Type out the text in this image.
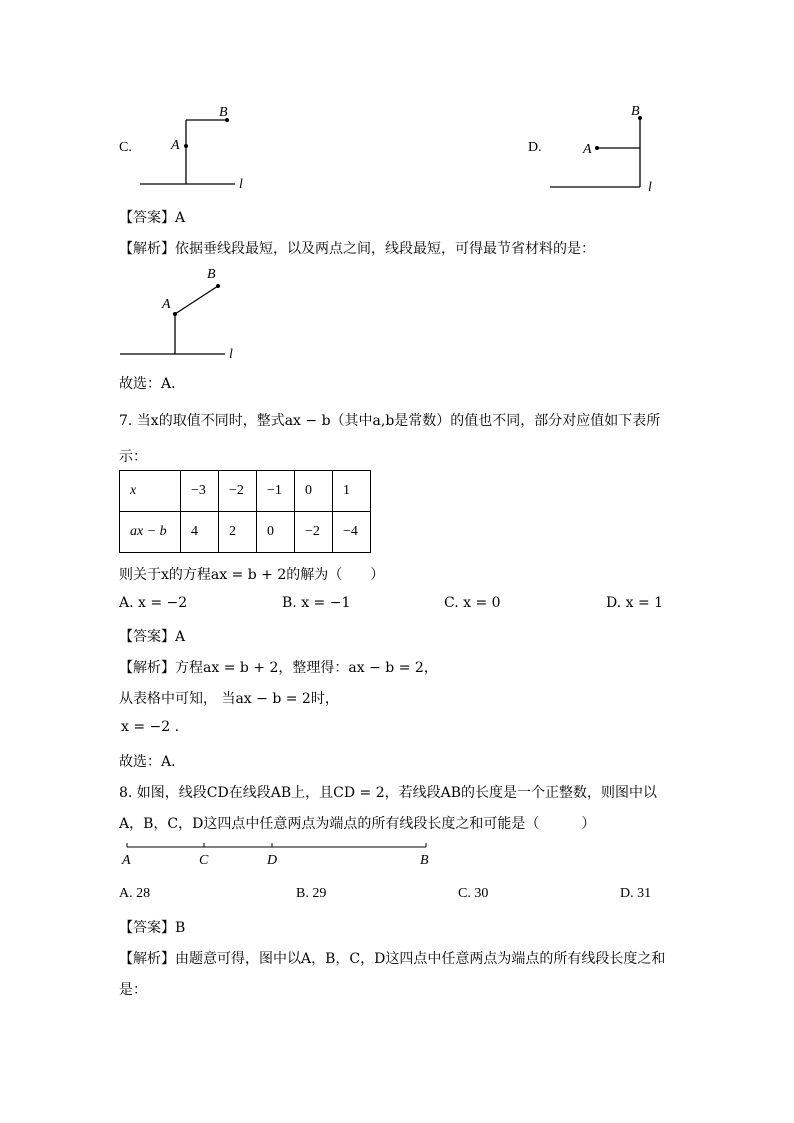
C.	A
B
l
D.	A
B
l
【答案】A
【解析】依据垂线段最短，以及两点之间，线段最短，可得最节省材料的是：
A
B
l
故选：A．
7. 当x的取值不同时，整式ax − b（其中a,b是常数）的值也不同，部分对应值如下表所
示：
x	−3	−2	−1	0	1
ax − b	4	2	0	−2	−4
则关于x的方程ax = b + 2的解为（　　）
A. x = −2	B. x = −1	C. x = 0	D. x = 1
【答案】A
【解析】方程ax = b + 2，整理得：ax − b = 2，
从表格中可知， 当ax − b = 2时，
x = −2 .
故选：A．
8. 如图，线段CD在线段AB上，且CD = 2，若线段AB的长度是一个正整数，则图中以
A，B，C，D这四点中任意两点为端点的所有线段长度之和可能是（　　　）
A	C	D	B
A. 28	B. 29	C. 30	D. 31
【答案】B
【解析】由题意可得，图中以A，B，C，D这四点中任意两点为端点的所有线段长度之和
是：
